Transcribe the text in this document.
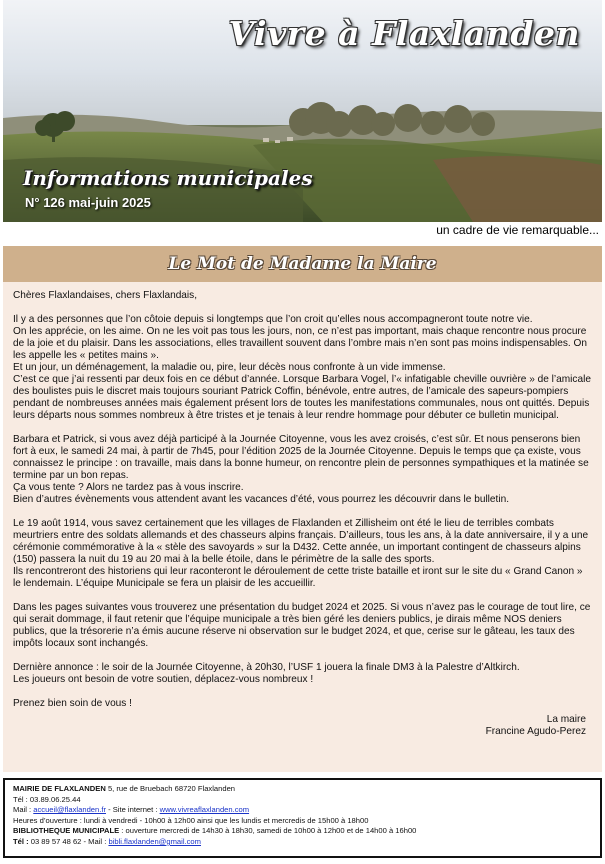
Vivre à Flaxlanden
Informations municipales
N° 126 mai-juin 2025
un cadre de vie remarquable...
Le Mot de Madame la Maire

Chères Flaxlandaises, chers Flaxlandais,

Il y a des personnes que l’on côtoie depuis si longtemps que l’on croit qu’elles nous accompagneront toute notre vie.
On les apprécie, on les aime. On ne les voit pas tous les jours, non, ce n’est pas important, mais chaque rencontre nous procure de la joie et du plaisir. Dans les associations, elles travaillent souvent dans l’ombre mais n’en sont pas moins indispensables. On les appelle les « petites mains ».
Et un jour, un déménagement, la maladie ou, pire, leur décès nous confronte à un vide immense.
C’est ce que j’ai ressenti par deux fois en ce début d’année. Lorsque Barbara Vogel, l’« infatigable cheville ouvrière » de l’amicale des boulistes puis le discret mais toujours souriant Patrick Coffin, bénévole, entre autres, de l’amicale des sapeurs-pompiers pendant de nombreuses années mais également présent lors de toutes les manifestations communales, nous ont quittés. Depuis leurs départs nous sommes nombreux à être tristes et je tenais à leur rendre hommage pour débuter ce bulletin municipal.

Barbara et Patrick, si vous avez déjà participé à la Journée Citoyenne, vous les avez croisés, c’est sûr. Et nous penserons bien fort à eux, le samedi 24 mai, à partir de 7h45, pour l’édition 2025 de la Journée Citoyenne. Depuis le temps que ça existe, vous connaissez le principe : on travaille, mais dans la bonne humeur, on rencontre plein de personnes sympathiques et la matinée se termine par un bon repas.
Ça vous tente ? Alors ne tardez pas à vous inscrire.
Bien d’autres évènements vous attendent avant les vacances d’été, vous pourrez les découvrir dans le bulletin.

Le 19 août 1914, vous savez certainement que les villages de Flaxlanden et Zillisheim ont été le lieu de terribles combats meurtriers entre des soldats allemands et des chasseurs alpins français. D’ailleurs, tous les ans, à la date anniversaire, il y a une cérémonie commémorative à la « stèle des savoyards » sur la D432. Cette année, un important contingent de chasseurs alpins (150) passera la nuit du 19 au 20 mai à la belle étoile, dans le périmètre de la salle des sports.
Ils rencontreront des historiens qui leur raconteront le déroulement de cette triste bataille et iront sur le site du « Grand Canon » le lendemain. L’équipe Municipale se fera un plaisir de les accueillir.

Dans les pages suivantes vous trouverez une présentation du budget 2024 et 2025. Si vous n’avez pas le courage de tout lire, ce qui serait dommage, il faut retenir que l’équipe municipale a très bien géré les deniers publics, je dirais même NOS deniers publics, que la trésorerie n’a émis aucune réserve ni observation sur le budget 2024, et que, cerise sur le gâteau, les taux des impôts locaux sont inchangés.

Dernière annonce : le soir de la Journée Citoyenne, à 20h30, l’USF 1 jouera la finale DM3 à la Palestre d’Altkirch.
Les joueurs ont besoin de votre soutien, déplacez-vous nombreux !

Prenez bien soin de vous !

La maire
Francine Agudo-Perez
MAIRIE DE FLAXLANDEN 5, rue de Bruebach 68720 Flaxlanden
Tél : 03.89.06.25.44
Mail : accueil@flaxlanden.fr - Site internet : www.vivreaflaxlanden.com
Heures d’ouverture : lundi à vendredi - 10h00 à 12h00 ainsi que les lundis et mercredis de 15h00 à 18h00
BIBLIOTHEQUE MUNICIPALE : ouverture mercredi de 14h30 à 18h30, samedi de 10h00 à 12h00 et de 14h00 à 16h00
Tél : 03 89 57 48 62 - Mail : bibli.flaxlanden@gmail.com
